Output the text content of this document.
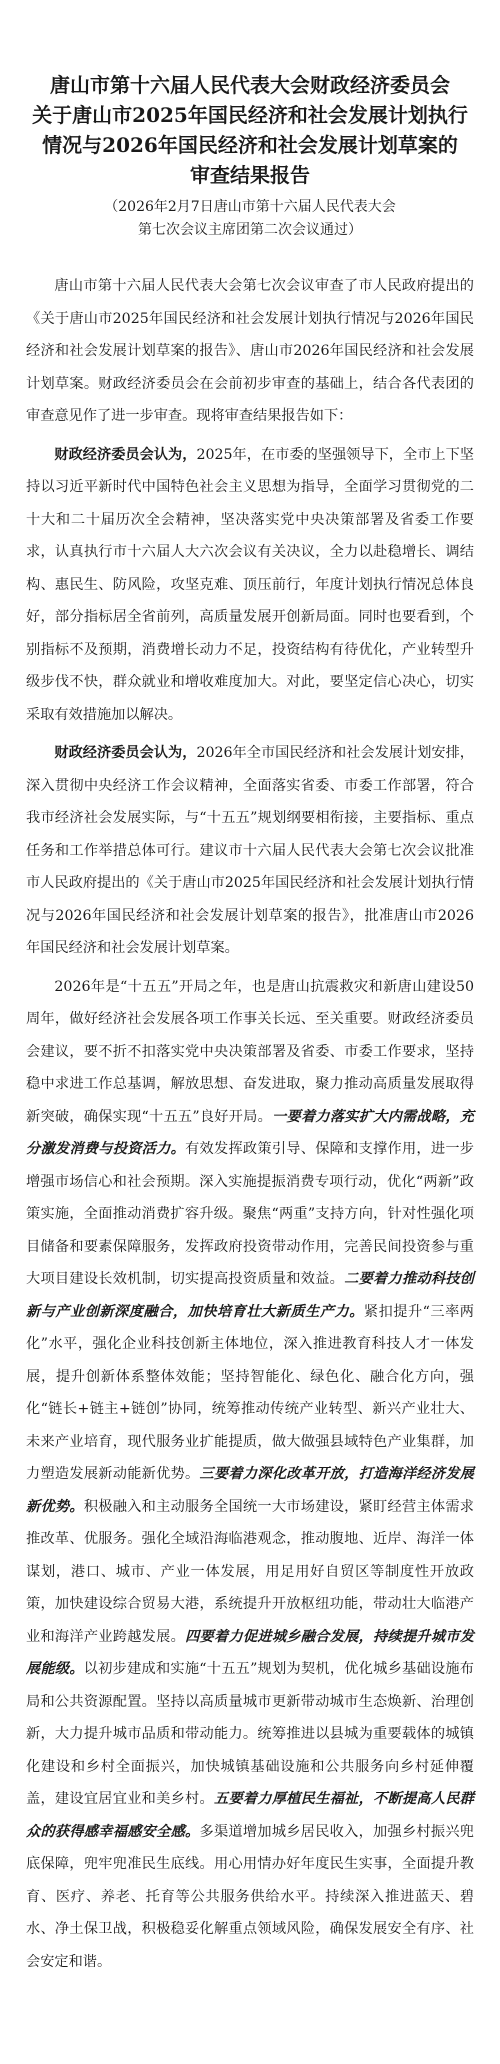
唐山市第十六届人民代表大会财政经济委员会
关于唐山市2025年国民经济和社会发展计划执行
情况与2026年国民经济和社会发展计划草案的
审查结果报告
（2026年2月7日唐山市第十六届人民代表大会
第七次会议主席团第二次会议通过）

唐山市第十六届人民代表大会第七次会议审查了市人民政府提出的《关于唐山市2025年国民经济和社会发展计划执行情况与2026年国民经济和社会发展计划草案的报告》、唐山市2026年国民经济和社会发展计划草案。财政经济委员会在会前初步审查的基础上，结合各代表团的审查意见作了进一步审查。现将审查结果报告如下：

财政经济委员会认为，2025年，在市委的坚强领导下，全市上下坚持以习近平新时代中国特色社会主义思想为指导，全面学习贯彻党的二十大和二十届历次全会精神，坚决落实党中央决策部署及省委工作要求，认真执行市十六届人大六次会议有关决议，全力以赴稳增长、调结构、惠民生、防风险，攻坚克难、顶压前行，年度计划执行情况总体良好，部分指标居全省前列，高质量发展开创新局面。同时也要看到，个别指标不及预期，消费增长动力不足，投资结构有待优化，产业转型升级步伐不快，群众就业和增收难度加大。对此，要坚定信心决心，切实采取有效措施加以解决。

财政经济委员会认为，2026年全市国民经济和社会发展计划安排，深入贯彻中央经济工作会议精神，全面落实省委、市委工作部署，符合我市经济社会发展实际，与“十五五”规划纲要相衔接，主要指标、重点任务和工作举措总体可行。建议市十六届人民代表大会第七次会议批准市人民政府提出的《关于唐山市2025年国民经济和社会发展计划执行情况与2026年国民经济和社会发展计划草案的报告》，批准唐山市2026年国民经济和社会发展计划草案。

2026年是“十五五”开局之年，也是唐山抗震救灾和新唐山建设50周年，做好经济社会发展各项工作事关长远、至关重要。财政经济委员会建议，要不折不扣落实党中央决策部署及省委、市委工作要求，坚持稳中求进工作总基调，解放思想、奋发进取，聚力推动高质量发展取得新突破，确保实现“十五五”良好开局。一要着力落实扩大内需战略，充分激发消费与投资活力。有效发挥政策引导、保障和支撑作用，进一步增强市场信心和社会预期。深入实施提振消费专项行动，优化“两新”政策实施，全面推动消费扩容升级。聚焦“两重”支持方向，针对性强化项目储备和要素保障服务，发挥政府投资带动作用，完善民间投资参与重大项目建设长效机制，切实提高投资质量和效益。二要着力推动科技创新与产业创新深度融合，加快培育壮大新质生产力。紧扣提升“三率两化”水平，强化企业科技创新主体地位，深入推进教育科技人才一体发展，提升创新体系整体效能；坚持智能化、绿色化、融合化方向，强化“链长+链主+链创”协同，统筹推动传统产业转型、新兴产业壮大、未来产业培育，现代服务业扩能提质，做大做强县域特色产业集群，加力塑造发展新动能新优势。三要着力深化改革开放，打造海洋经济发展新优势。积极融入和主动服务全国统一大市场建设，紧盯经营主体需求推改革、优服务。强化全域沿海临港观念，推动腹地、近岸、海洋一体谋划，港口、城市、产业一体发展，用足用好自贸区等制度性开放政策，加快建设综合贸易大港，系统提升开放枢纽功能，带动壮大临港产业和海洋产业跨越发展。四要着力促进城乡融合发展，持续提升城市发展能级。以初步建成和实施“十五五”规划为契机，优化城乡基础设施布局和公共资源配置。坚持以高质量城市更新带动城市生态焕新、治理创新，大力提升城市品质和带动能力。统筹推进以县城为重要载体的城镇化建设和乡村全面振兴，加快城镇基础设施和公共服务向乡村延伸覆盖，建设宜居宜业和美乡村。五要着力厚植民生福祉，不断提高人民群众的获得感幸福感安全感。多渠道增加城乡居民收入，加强乡村振兴兜底保障，兜牢兜准民生底线。用心用情办好年度民生实事，全面提升教育、医疗、养老、托育等公共服务供给水平。持续深入推进蓝天、碧水、净土保卫战，积极稳妥化解重点领域风险，确保发展安全有序、社会安定和谐。
